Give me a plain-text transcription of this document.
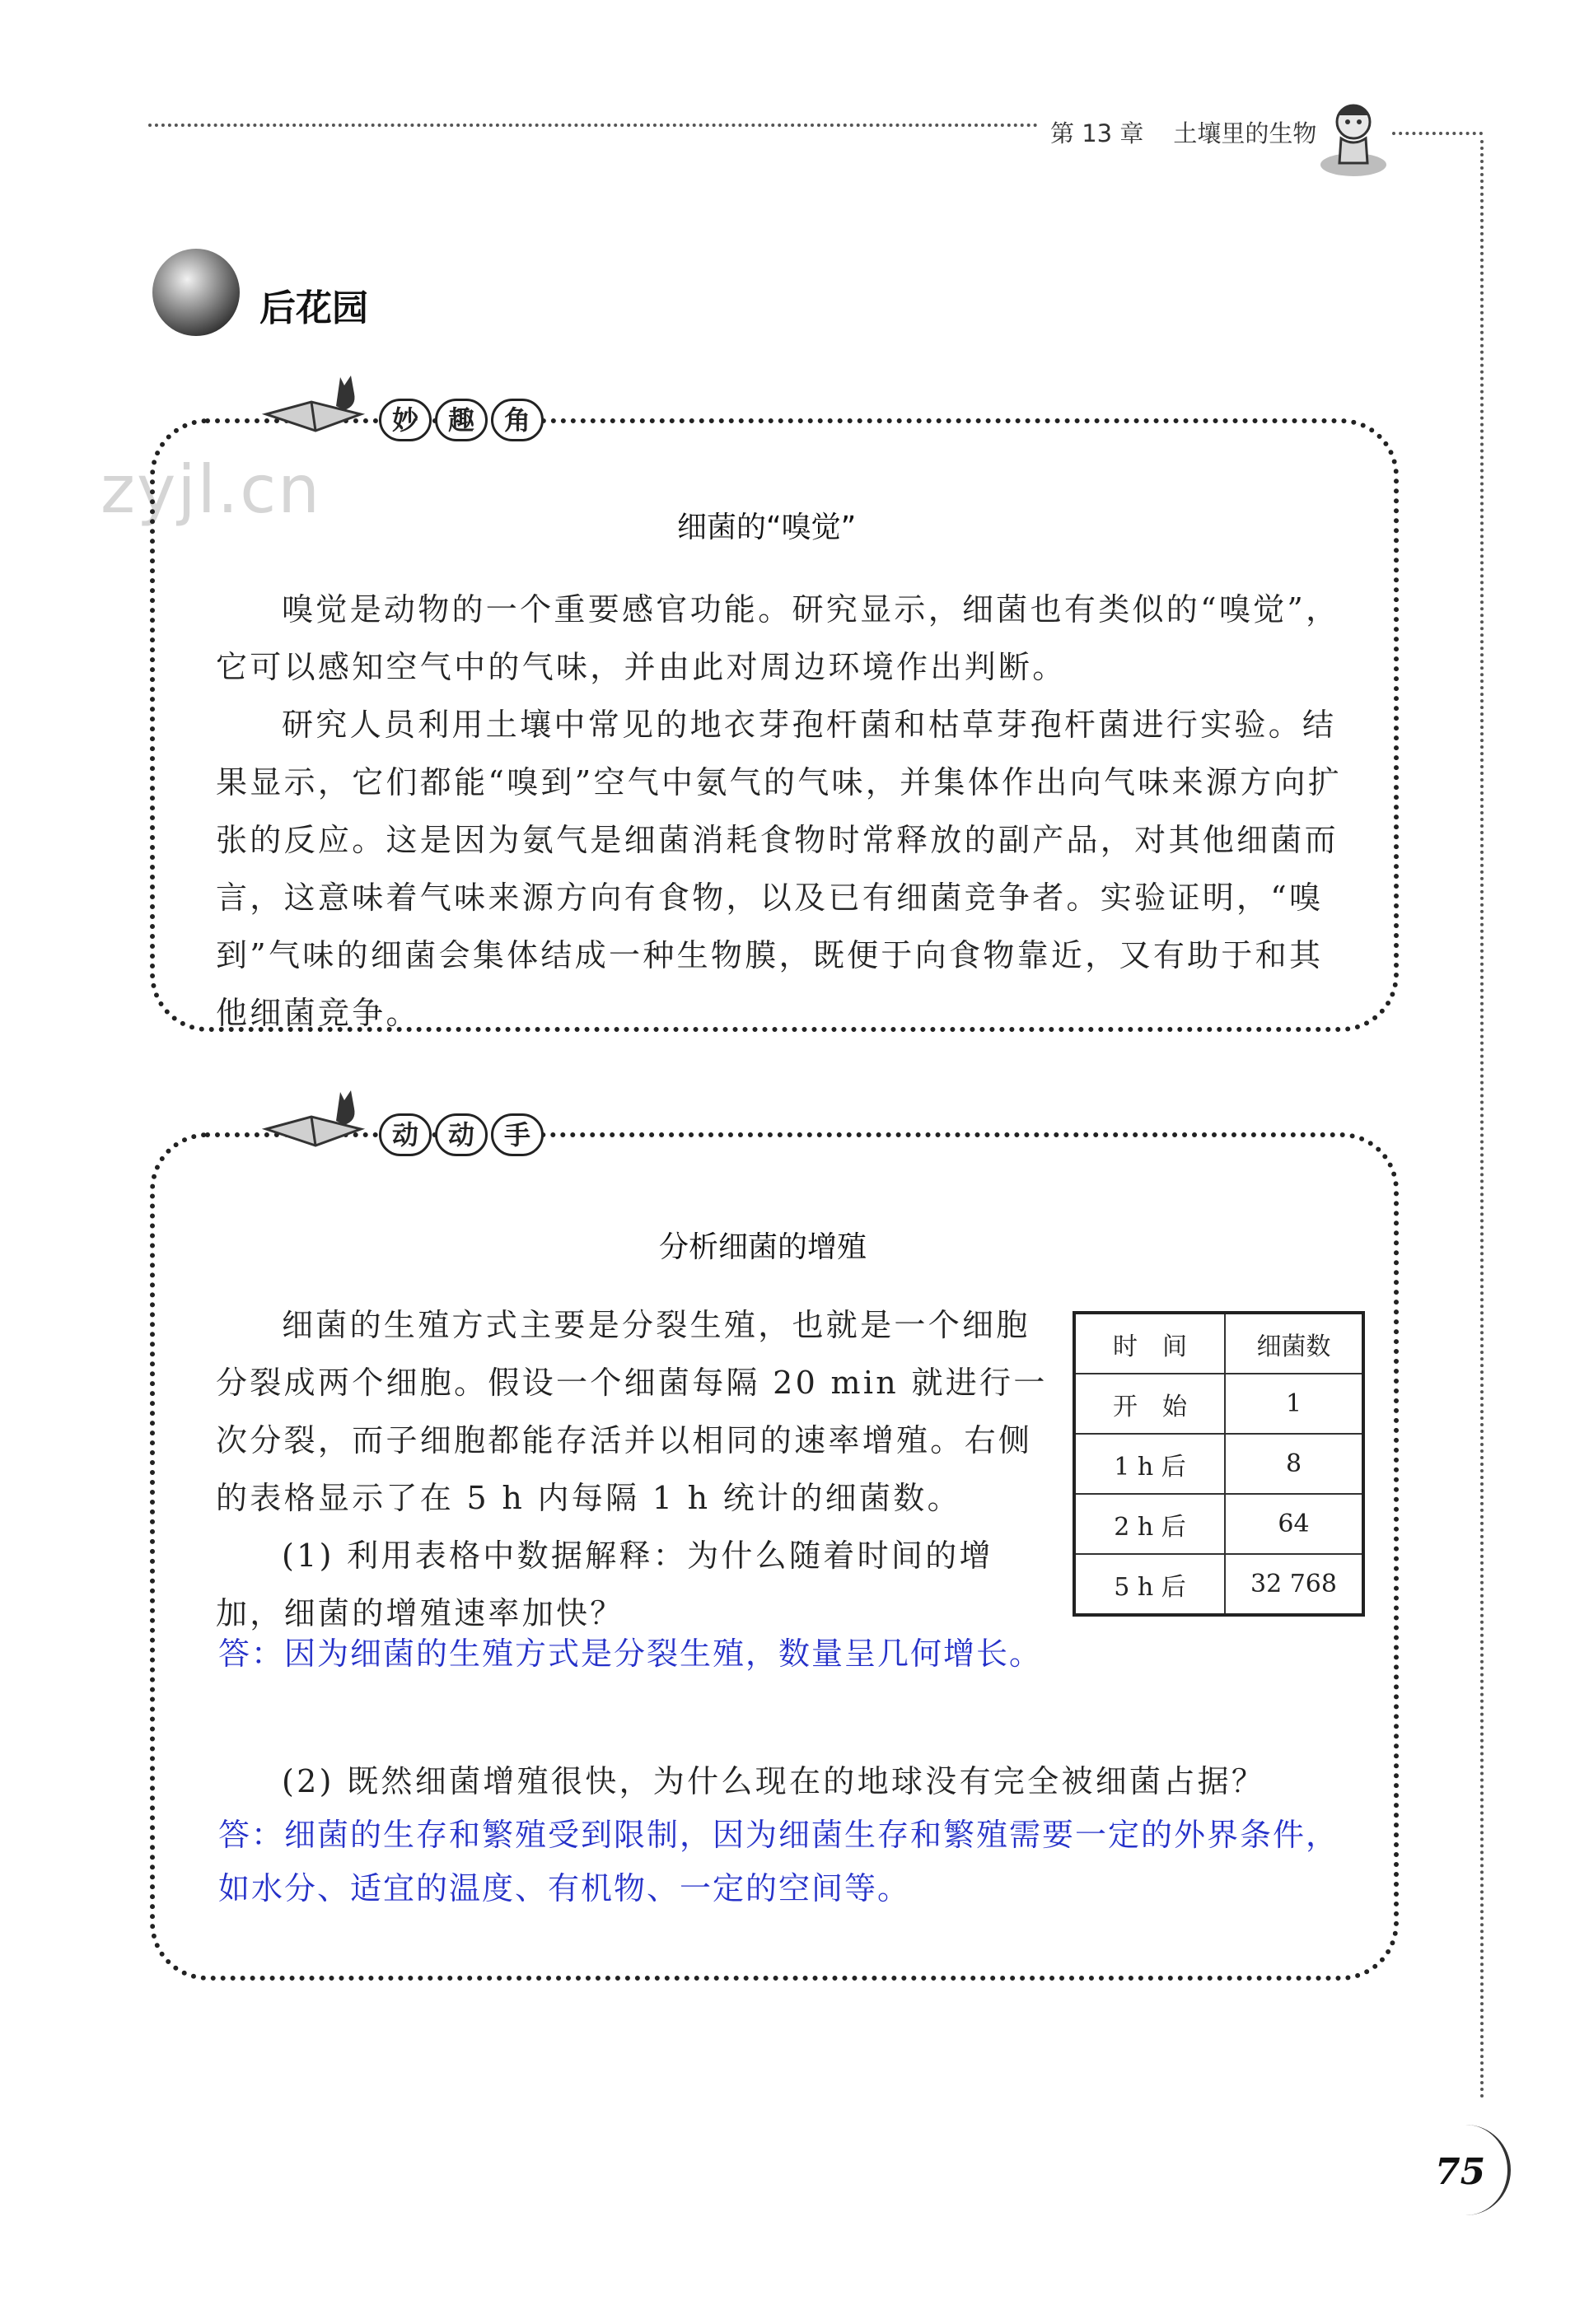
第 13 章 土壤里的生物
后花园
zyjl.cn
妙	趣	角
细菌的“嗅觉”
嗅觉是动物的一个重要感官功能。研究显示，细菌也有类似的“嗅觉”，它可以感知空气中的气味，并由此对周边环境作出判断。
研究人员利用土壤中常见的地衣芽孢杆菌和枯草芽孢杆菌进行实验。结果显示，它们都能“嗅到”空气中氨气的气味，并集体作出向气味来源方向扩张的反应。这是因为氨气是细菌消耗食物时常释放的副产品，对其他细菌而言，这意味着气味来源方向有食物，以及已有细菌竞争者。实验证明，“嗅到”气味的细菌会集体结成一种生物膜，既便于向食物靠近，又有助于和其他细菌竞争。
动	动	手
分析细菌的增殖
细菌的生殖方式主要是分裂生殖，也就是一个细胞分裂成两个细胞。假设一个细菌每隔 20 min 就进行一次分裂，而子细胞都能存活并以相同的速率增殖。右侧的表格显示了在 5 h 内每隔 1 h 统计的细菌数。
(1) 利用表格中数据解释：为什么随着时间的增加，细菌的增殖速率加快？
答：因为细菌的生殖方式是分裂生殖，数量呈几何增长。
(2) 既然细菌增殖很快，为什么现在的地球没有完全被细菌占据？
答：细菌的生存和繁殖受到限制，因为细菌生存和繁殖需要一定的外界条件，
如水分、适宜的温度、有机物、一定的空间等。
时　间	细菌数
开　始	1
1 h 后	8
2 h 后	64
5 h 后	32 768
75
